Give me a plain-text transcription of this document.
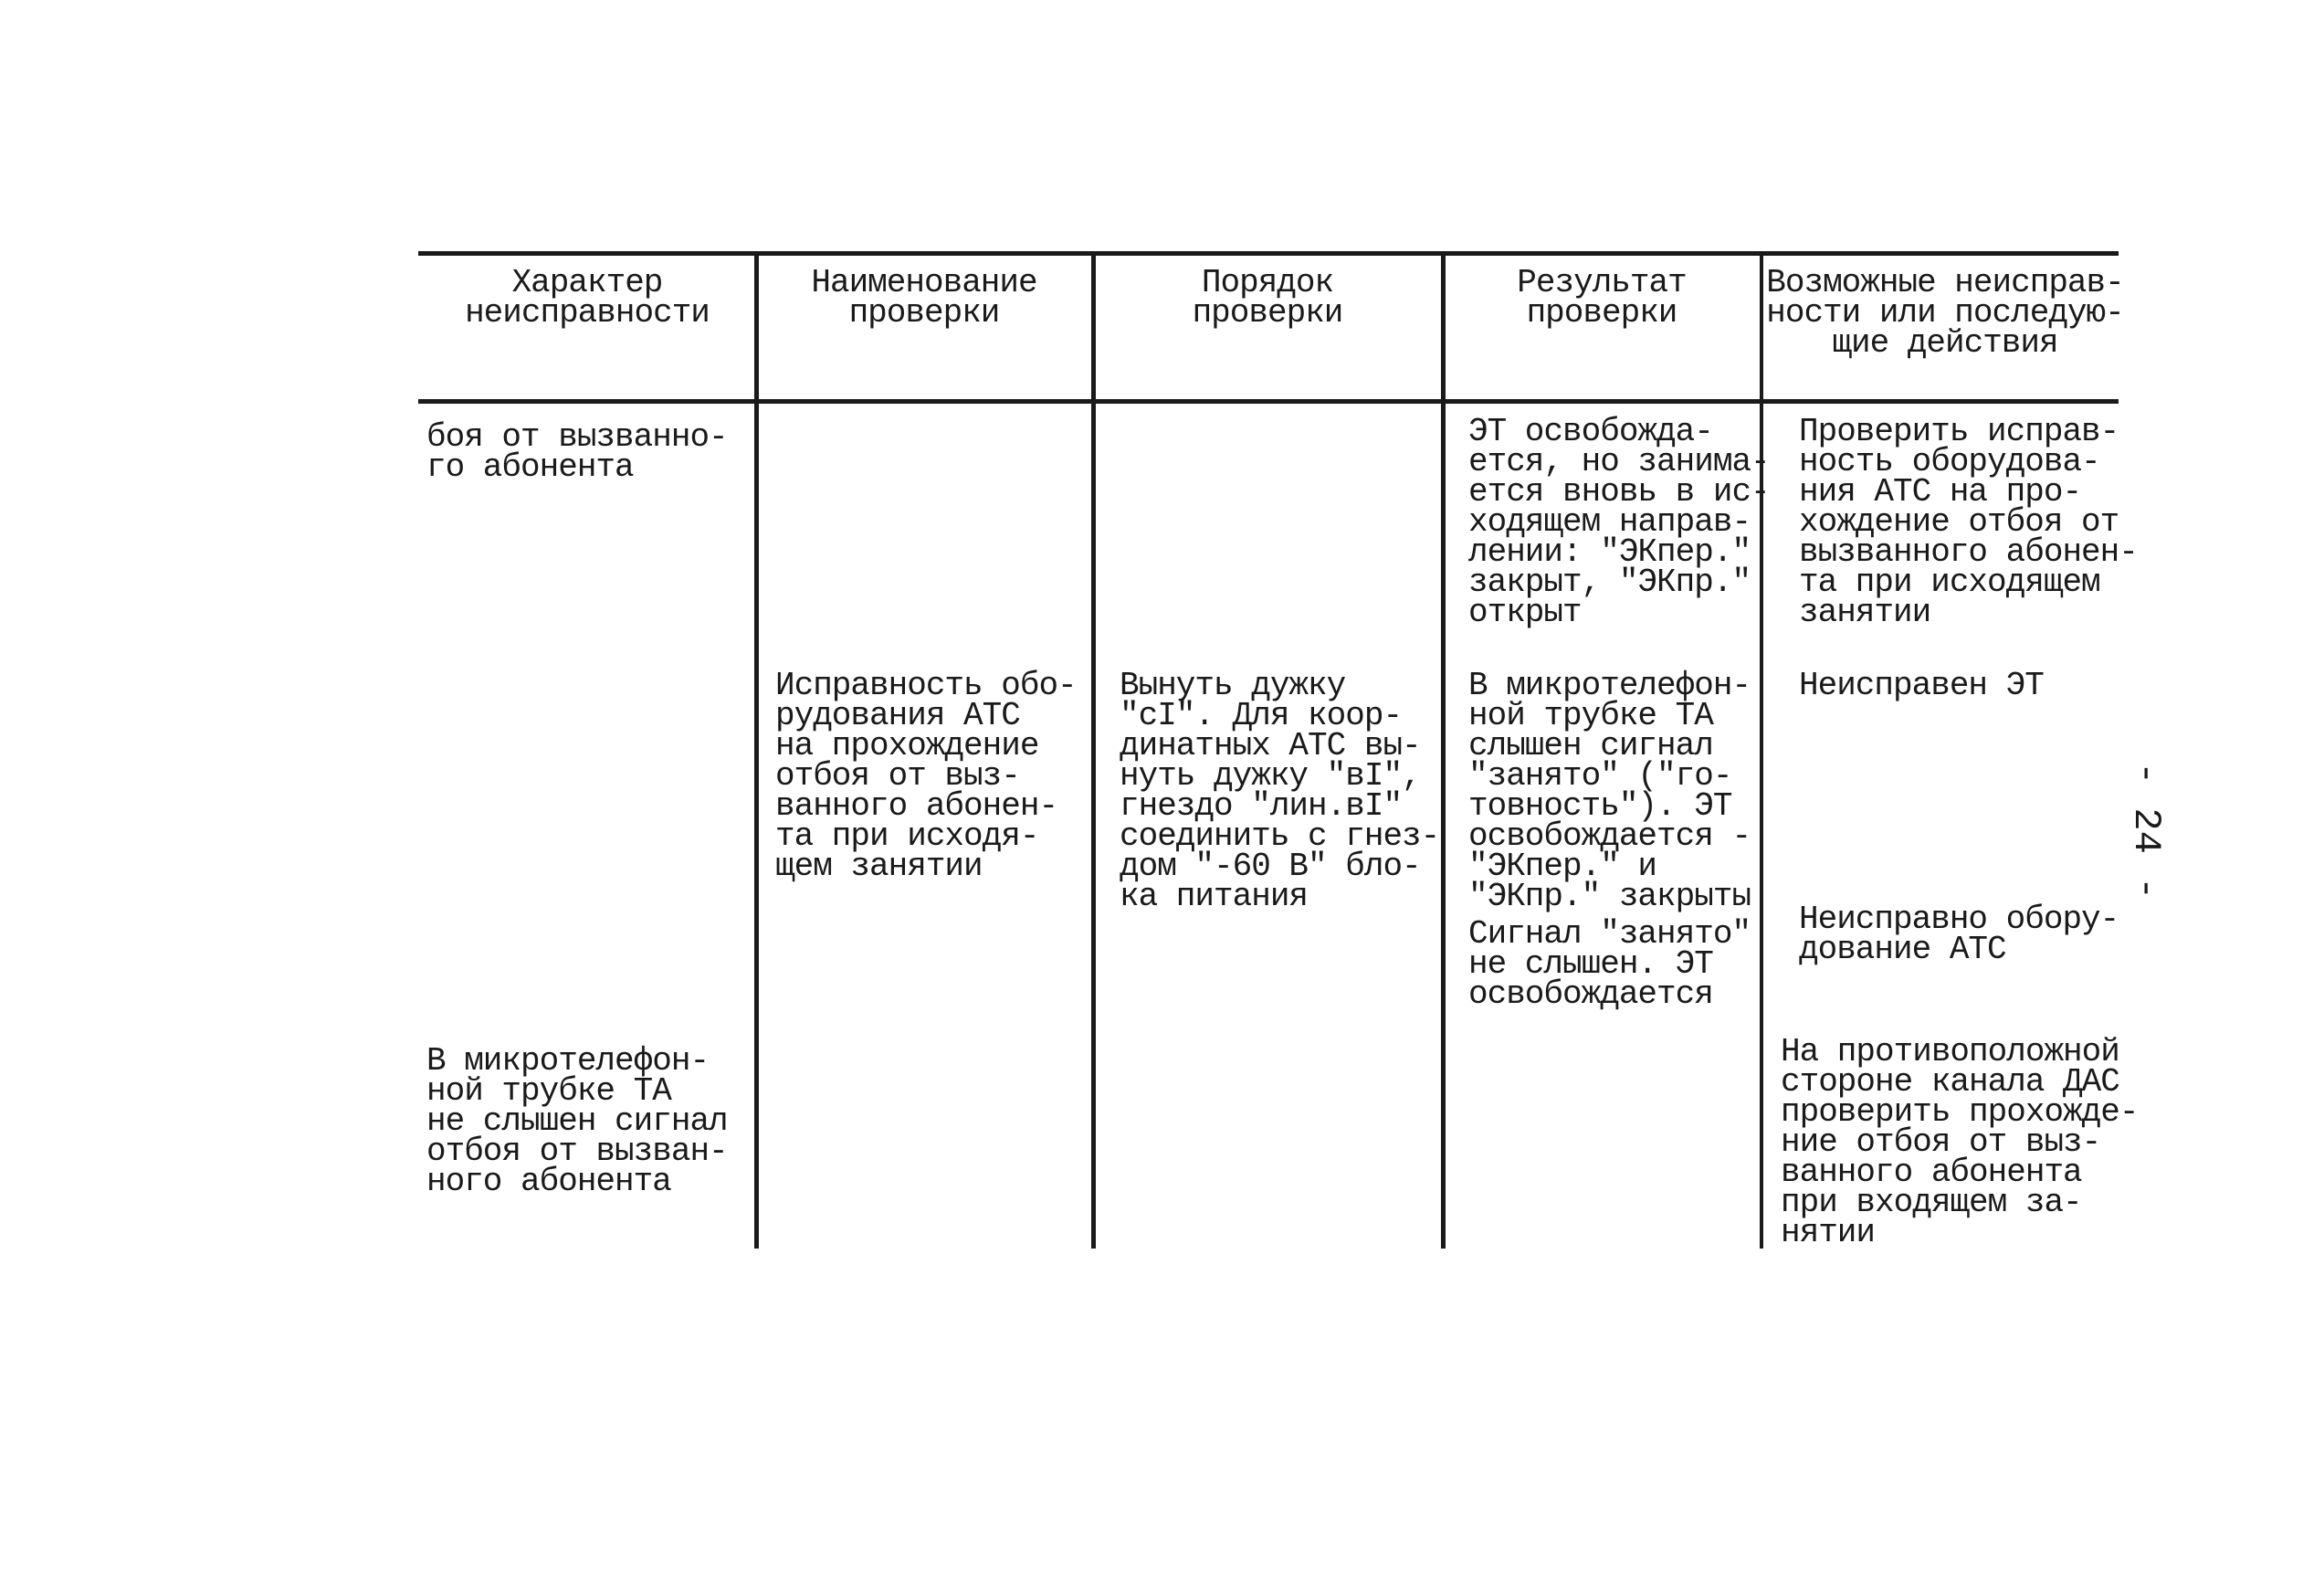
Характер
неисправности
Наименование
проверки
Порядок
проверки
Результат
проверки
Возможные неисправ-
ности или последую-
щие действия
боя от вызванно-
го абонента
ЭТ освобожда-
ется, но занима-
ется вновь в ис-
ходящем направ-
лении: "ЭКпер."
закрыт, "ЭКпр."
открыт
Проверить исправ-
ность оборудова-
ния АТС на про-
хождение отбоя от
вызванного абонен-
та при исходящем
занятии
Исправность обо-
рудования АТС
на прохождение
отбоя от выз-
ванного абонен-
та при исходя-
щем занятии
Вынуть дужку
"сI". Для коор-
динатных АТС вы-
нуть дужку "вI",
гнездо "лин.вI"
соединить с гнез-
дом "-60 В" бло-
ка питания
В микротелефон-
ной трубке ТА
слышен сигнал
"занято" ("го-
товность"). ЭТ
освобождается -
"ЭКпер." и
"ЭКпр." закрыты
Неисправен ЭТ
Сигнал "занято"
не слышен. ЭТ
освобождается
Неисправно обору-
дование АТС
В микротелефон-
ной трубке ТА
не слышен сигнал
отбоя от вызван-
ного абонента
На противоположной
стороне канала ДАС
проверить прохожде-
ние отбоя от выз-
ванного абонента
при входящем за-
нятии
- 24 -
